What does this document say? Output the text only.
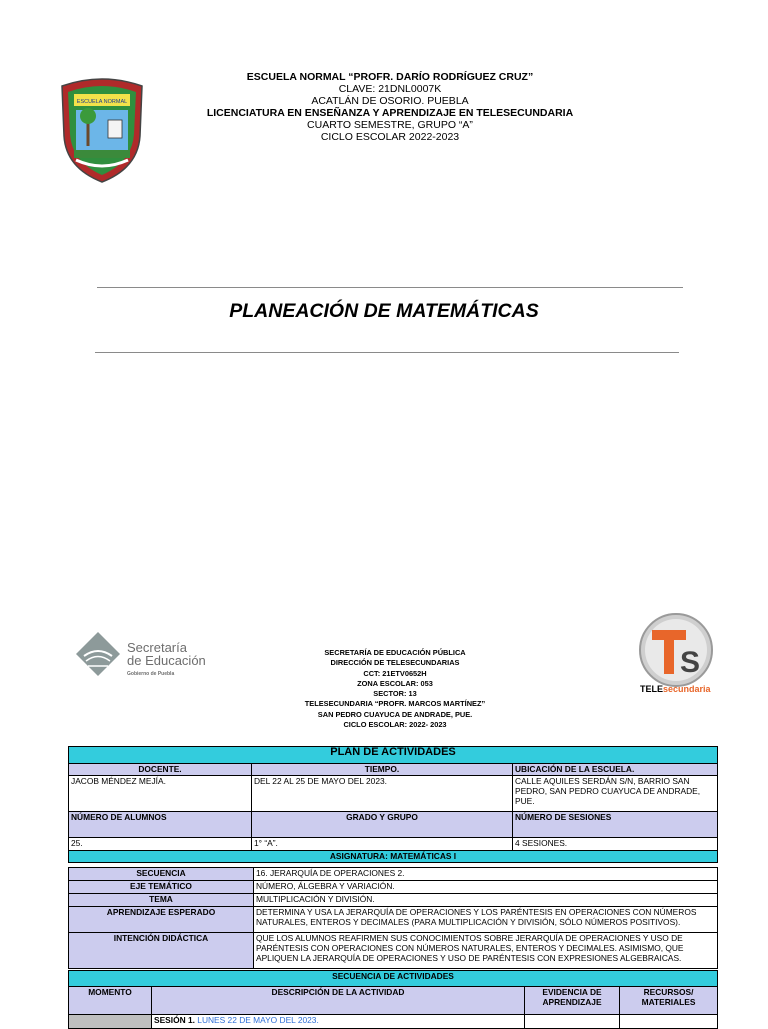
ESCUELA NORMAL
ESCUELA NORMAL “PROFR. DARÍO RODRÍGUEZ CRUZ”
CLAVE: 21DNL0007K
ACATLÁN DE OSORIO. PUEBLA
LICENCIATURA EN ENSEÑANZA Y APRENDIZAJE EN TELESECUNDARIA
CUARTO SEMESTRE, GRUPO “A”
CICLO ESCOLAR 2022-2023
PLANEACIÓN DE MATEMÁTICAS
Secretaría
de Educación
Gobierno de Puebla
SECRETARÍA DE EDUCACIÓN PÚBLICA
DIRECCIÓN DE TELESECUNDARIAS
CCT: 21ETV0652H
ZONA ESCOLAR: 053
SECTOR: 13
TELESECUNDARIA “PROFR. MARCOS MARTÍNEZ”
SAN PEDRO CUAYUCA DE ANDRADE, PUE.
CICLO ESCOLAR: 2022- 2023
S
TELEsecundaria
PLAN DE ACTIVIDADES		
DOCENTE.	TIEMPO.	UBICACIÓN DE LA ESCUELA.
JACOB MÉNDEZ MEJÍA.	DEL 22 AL 25 DE MAYO DEL 2023.	CALLE AQUILES SERDÁN S/N, BARRIO SAN PEDRO, SAN PEDRO CUAYUCA DE ANDRADE, PUE.
NÚMERO DE ALUMNOS	GRADO Y GRUPO	NÚMERO DE SESIONES
25.	1° “A”.	4 SESIONES.
ASIGNATURA: MATEMÁTICAS I		
SECUENCIA	16. JERARQUÍA DE OPERACIONES 2.
EJE TEMÁTICO	NÚMERO, ÁLGEBRA Y VARIACIÓN.
TEMA	MULTIPLICACIÓN Y DIVISIÓN.
APRENDIZAJE ESPERADO	DETERMINA Y USA LA JERARQUÍA DE OPERACIONES Y LOS PARÉNTESIS EN OPERACIONES CON NÚMEROS NATURALES, ENTEROS Y DECIMALES (PARA MULTIPLICACIÓN Y DIVISIÓN, SÓLO NÚMEROS POSITIVOS).
INTENCIÓN DIDÁCTICA	QUE LOS ALUMNOS REAFIRMEN SUS CONOCIMIENTOS SOBRE JERARQUÍA DE OPERACIONES Y USO DE PARÉNTESIS CON OPERACIONES CON NÚMEROS NATURALES, ENTEROS Y DECIMALES. ASIMISMO, QUE APLIQUEN LA JERARQUÍA DE OPERACIONES Y USO DE PARÉNTESIS CON EXPRESIONES ALGEBRAICAS.
SECUENCIA DE ACTIVIDADES			
MOMENTO	DESCRIPCIÓN DE LA ACTIVIDAD	EVIDENCIA DE APRENDIZAJE	RECURSOS/ MATERIALES
	SESIÓN 1. LUNES 22 DE MAYO DEL 2023.		
